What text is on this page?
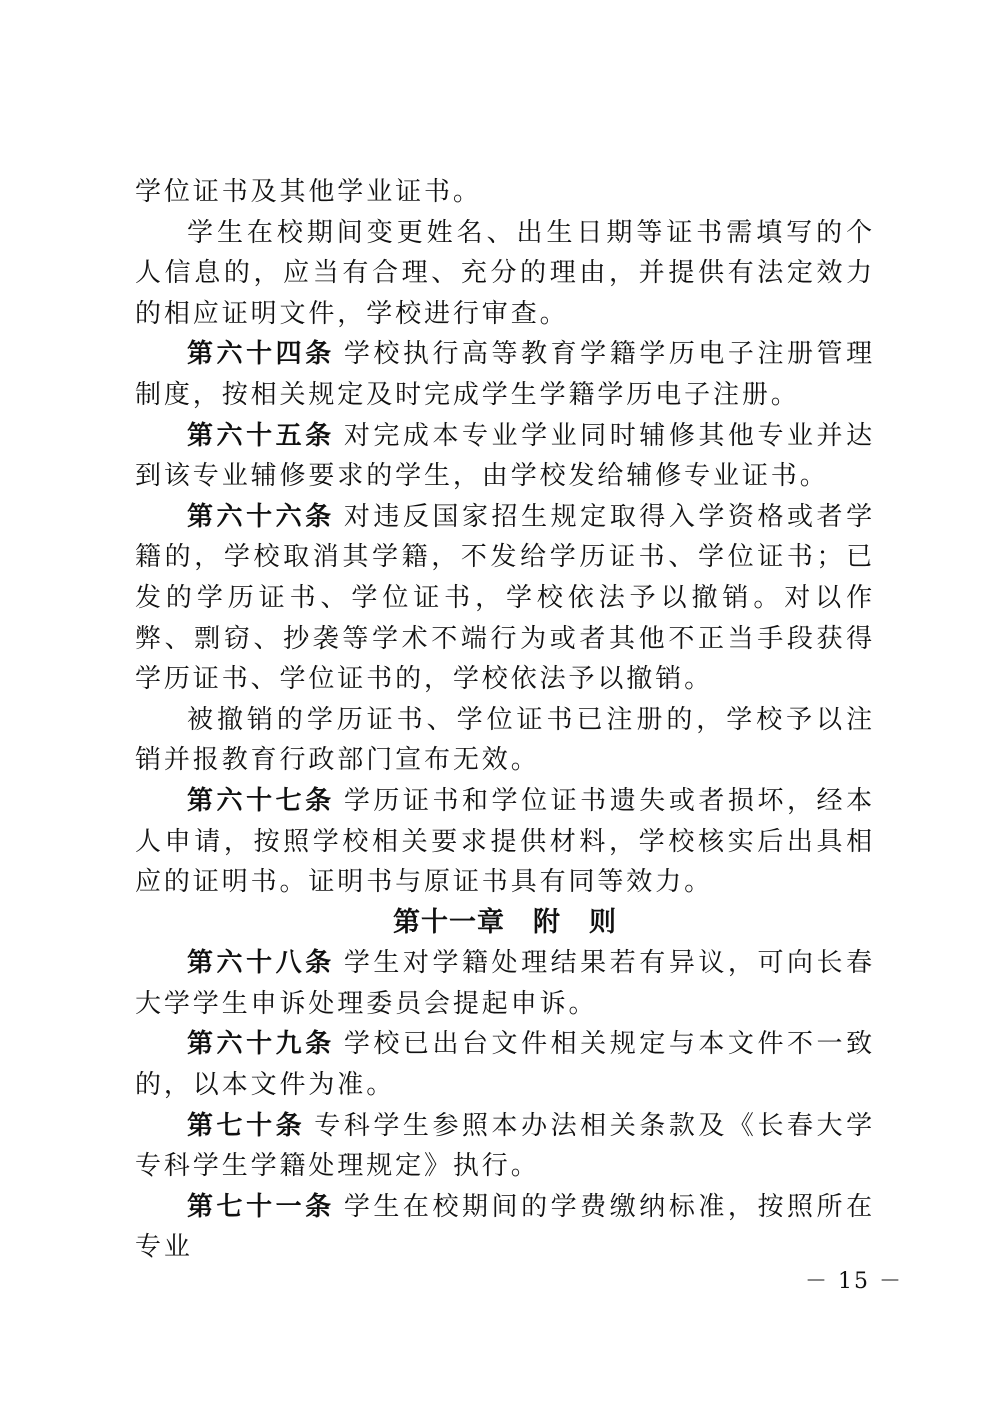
学位证书及其他学业证书。

学生在校期间变更姓名、出生日期等证书需填写的个人信息的，应当有合理、充分的理由，并提供有法定效力的相应证明文件，学校进行审查。

第六十四条 学校执行高等教育学籍学历电子注册管理制度，按相关规定及时完成学生学籍学历电子注册。

第六十五条 对完成本专业学业同时辅修其他专业并达到该专业辅修要求的学生，由学校发给辅修专业证书。

第六十六条 对违反国家招生规定取得入学资格或者学籍的，学校取消其学籍，不发给学历证书、学位证书；已发的学历证书、学位证书，学校依法予以撤销。对以作弊、剽窃、抄袭等学术不端行为或者其他不正当手段获得学历证书、学位证书的，学校依法予以撤销。

被撤销的学历证书、学位证书已注册的，学校予以注销并报教育行政部门宣布无效。

第六十七条 学历证书和学位证书遗失或者损坏，经本人申请，按照学校相关要求提供材料，学校核实后出具相应的证明书。证明书与原证书具有同等效力。

第十一章　附　则

第六十八条 学生对学籍处理结果若有异议，可向长春大学学生申诉处理委员会提起申诉。

第六十九条 学校已出台文件相关规定与本文件不一致的，以本文件为准。

第七十条 专科学生参照本办法相关条款及《长春大学专科学生学籍处理规定》执行。

第七十一条 学生在校期间的学费缴纳标准，按照所在专业

－ 15 －
